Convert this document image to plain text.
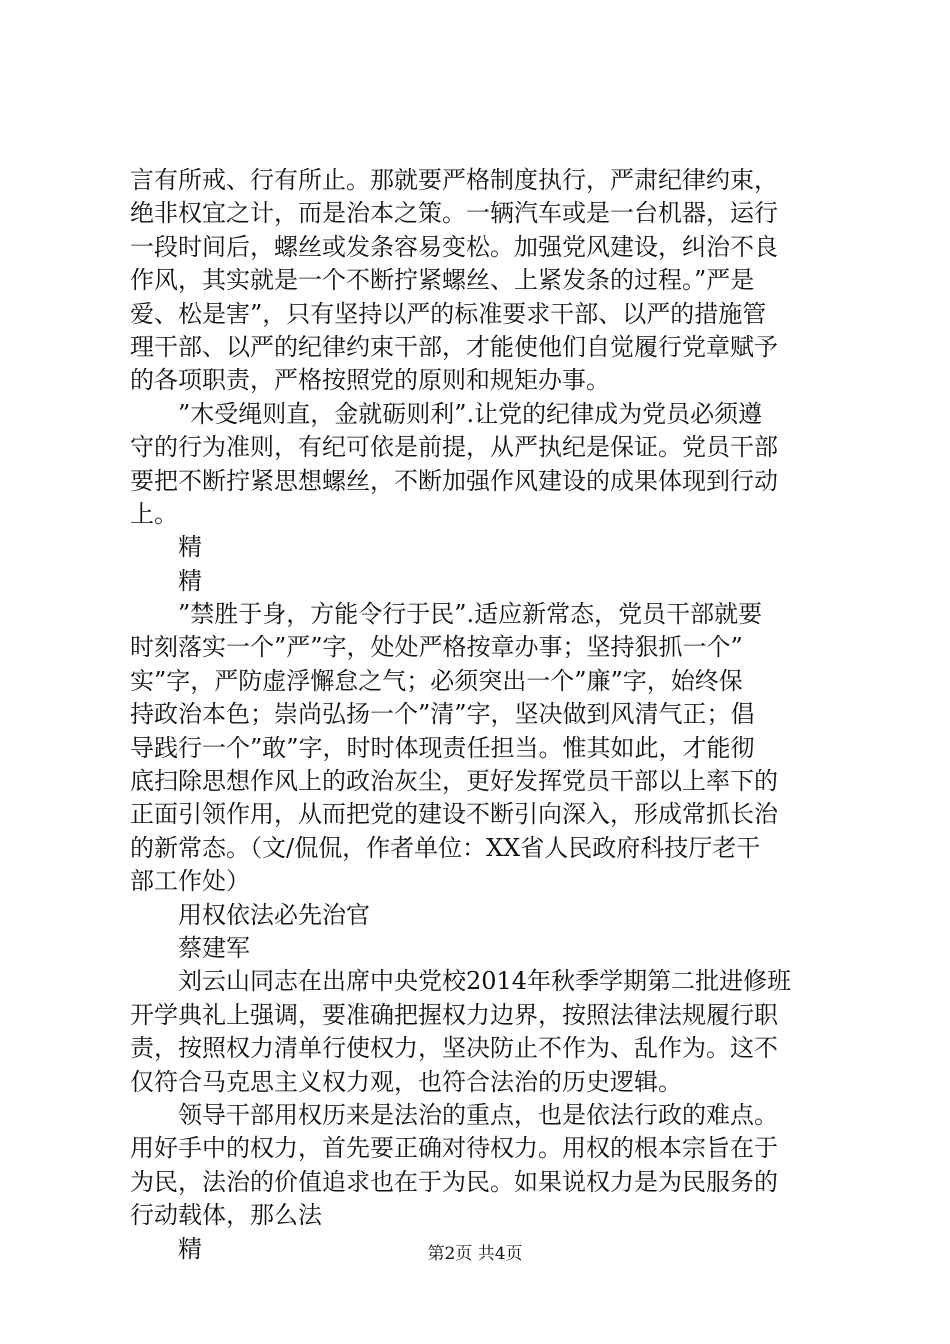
言有所戒、行有所止。那就要严格制度执行，严肃纪律约束，
绝非权宜之计，而是治本之策。一辆汽车或是一台机器，运行
一段时间后，螺丝或发条容易变松。加强党风建设，纠治不良
作风，其实就是一个不断拧紧螺丝、上紧发条的过程。”严是
爱、松是害”，只有坚持以严的标准要求干部、以严的措施管
理干部、以严的纪律约束干部，才能使他们自觉履行党章赋予
的各项职责，严格按照党的原则和规矩办事。
”木受绳则直，金就砺则利”.让党的纪律成为党员必须遵
守的行为准则，有纪可依是前提，从严执纪是保证。党员干部
要把不断拧紧思想螺丝，不断加强作风建设的成果体现到行动
上。
精
精
”禁胜于身，方能令行于民”.适应新常态，党员干部就要
时刻落实一个”严”字，处处严格按章办事；坚持狠抓一个”
实”字，严防虚浮懈怠之气；必须突出一个”廉”字，始终保
持政治本色；崇尚弘扬一个”清”字，坚决做到风清气正；倡
导践行一个”敢”字，时时体现责任担当。惟其如此，才能彻
底扫除思想作风上的政治灰尘，更好发挥党员干部以上率下的
正面引领作用，从而把党的建设不断引向深入，形成常抓长治
的新常态。（文/侃侃，作者单位：XX省人民政府科技厅老干
部工作处）
用权依法必先治官
蔡建军
刘云山同志在出席中央党校2014年秋季学期第二批进修班
开学典礼上强调，要准确把握权力边界，按照法律法规履行职
责，按照权力清单行使权力，坚决防止不作为、乱作为。这不
仅符合马克思主义权力观，也符合法治的历史逻辑。
领导干部用权历来是法治的重点，也是依法行政的难点。
用好手中的权力，首先要正确对待权力。用权的根本宗旨在于
为民，法治的价值追求也在于为民。如果说权力是为民服务的
行动载体，那么法
精	第2页 共4页
